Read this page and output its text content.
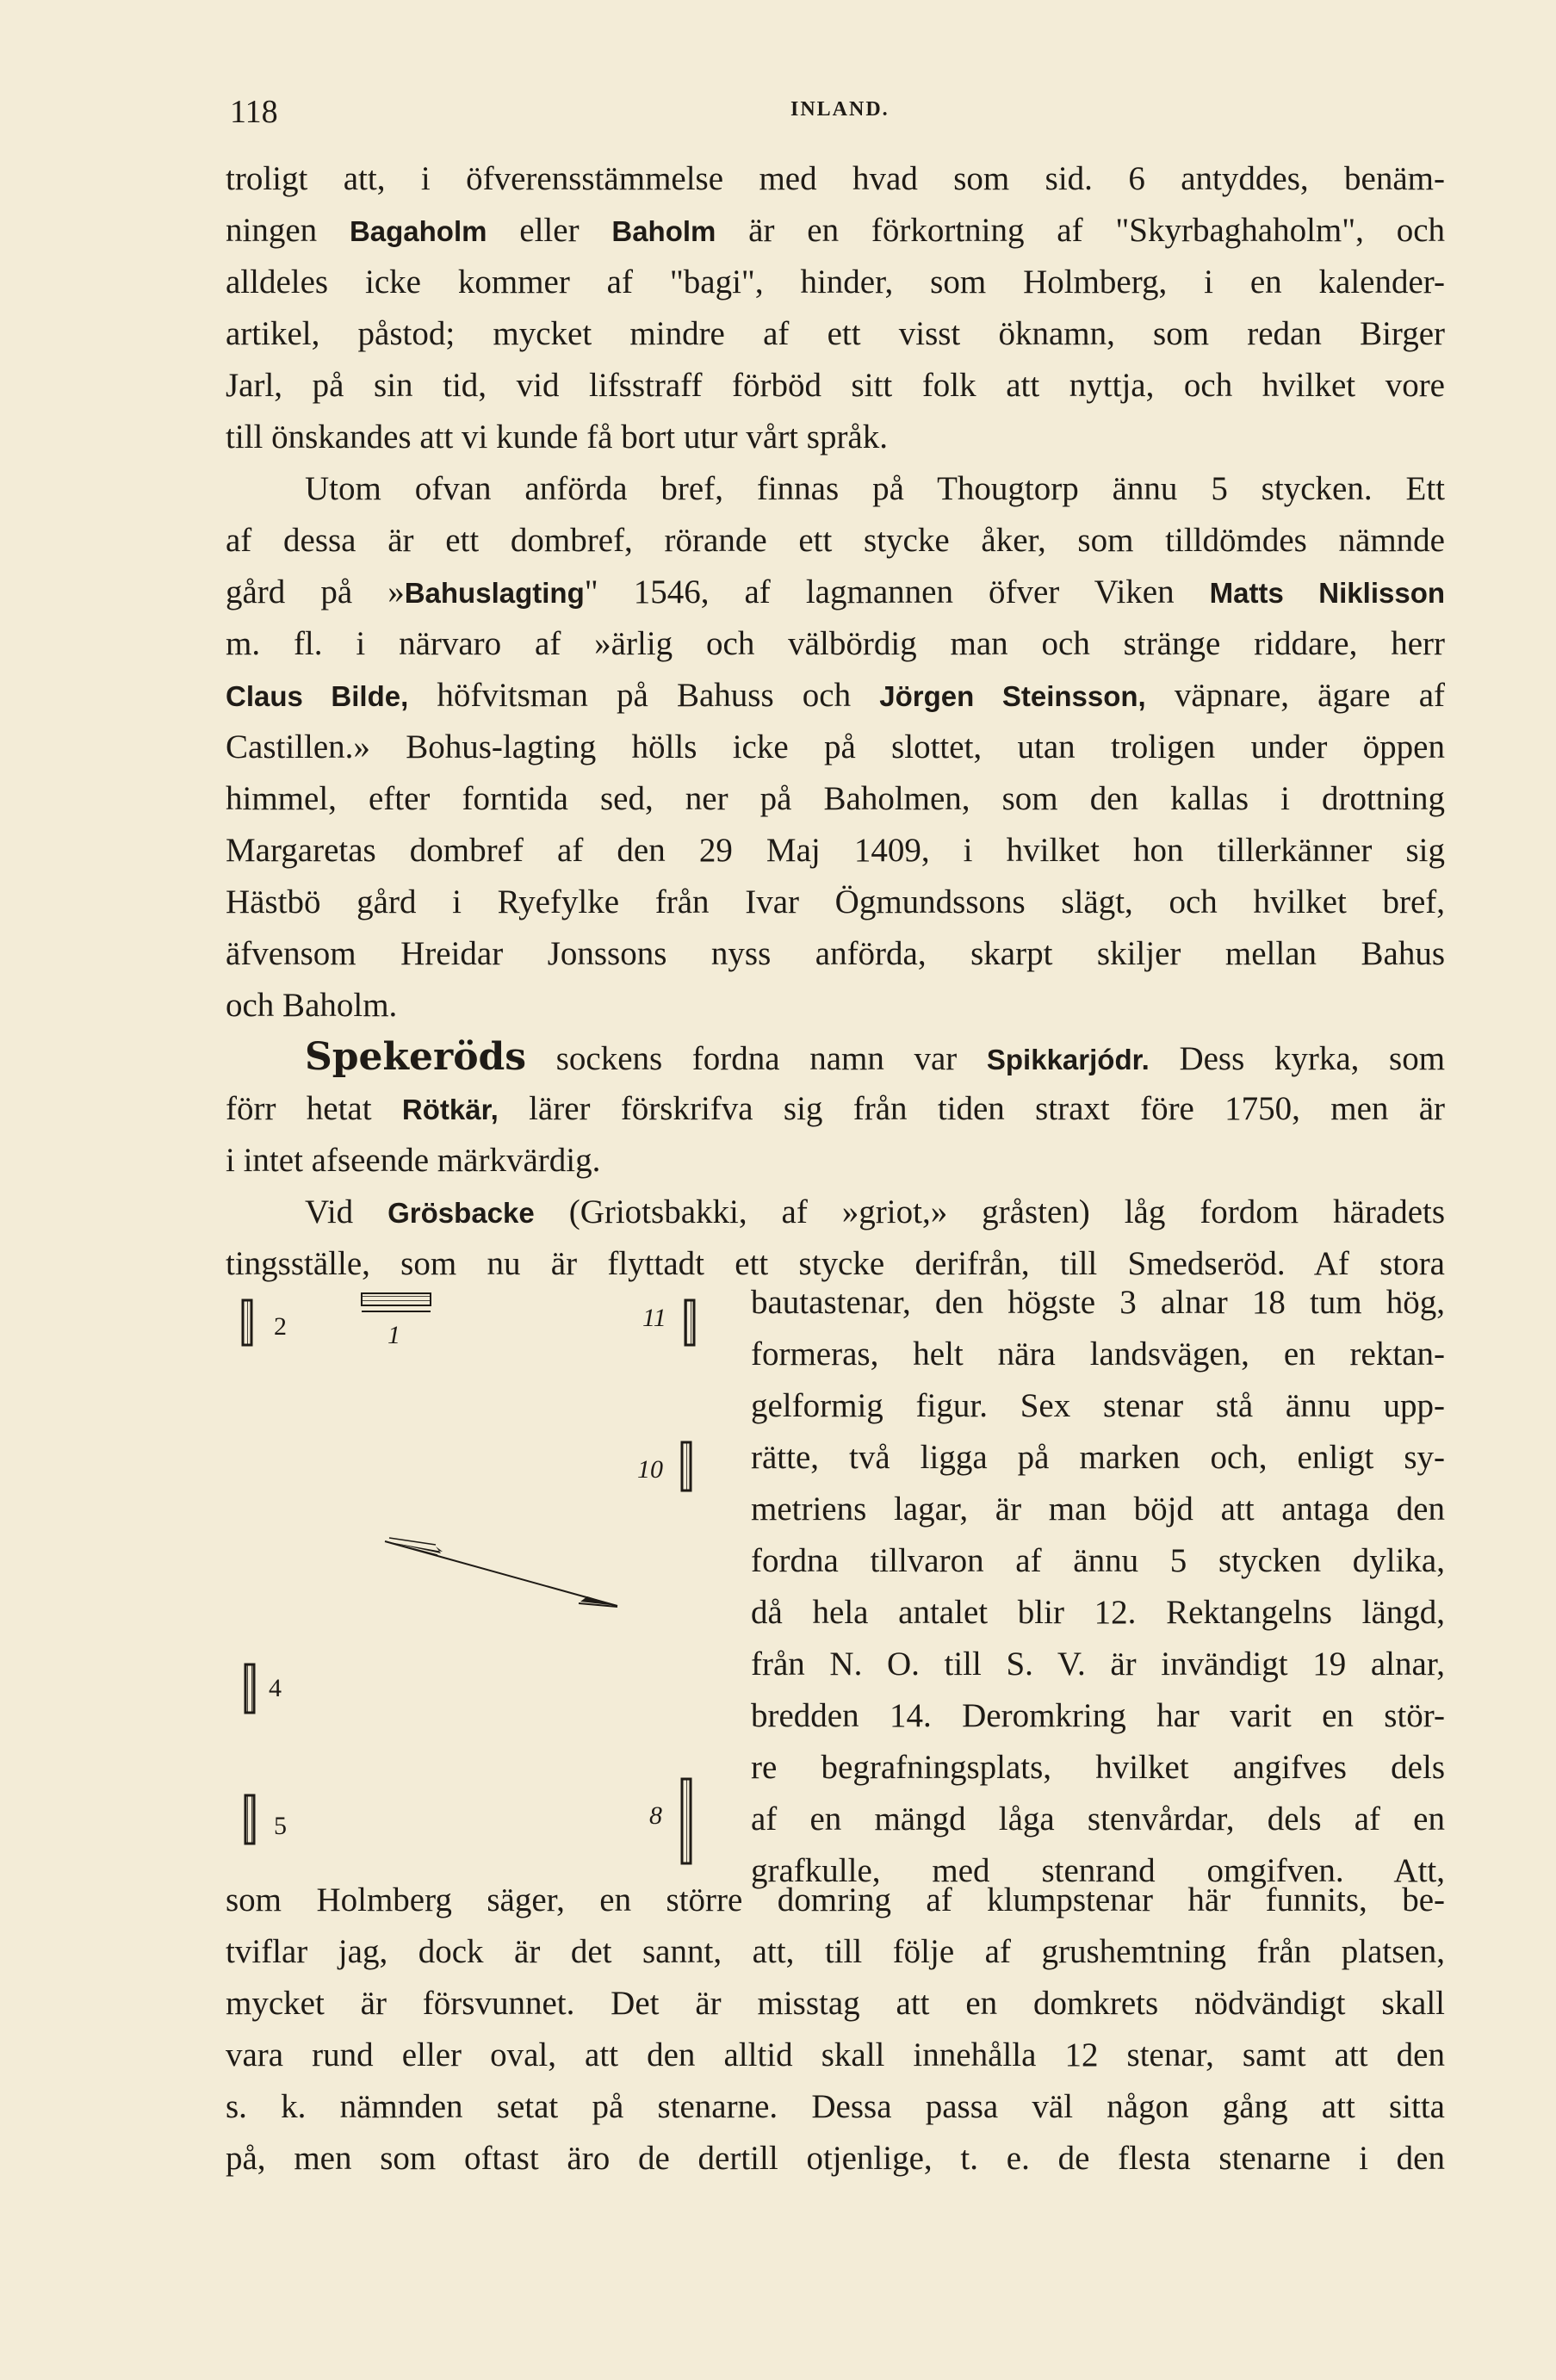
118	INLAND.
troligt att, i öfverensstämmelse med hvad som sid. 6 antyddes, benäm-
ningen Bagaholm eller Baholm är en förkortning af "Skyrbaghaholm", och
alldeles icke kommer af "bagi", hinder, som Holmberg, i en kalender-
artikel, påstod; mycket mindre af ett visst öknamn, som redan Birger
Jarl, på sin tid, vid lifsstraff förböd sitt folk att nyttja, och hvilket vore
till önskandes att vi kunde få bort utur vårt språk.
Utom ofvan anförda bref, finnas på Thougtorp ännu 5 stycken. Ett
af dessa är ett dombref, rörande ett stycke åker, som tilldömdes nämnde
gård på »Bahuslagting" 1546, af lagmannen öfver Viken Matts Niklisson
m. fl. i närvaro af »ärlig och välbördig man och stränge riddare, herr
Claus Bilde, höfvitsman på Bahuss och Jörgen Steinsson, väpnare, ägare af
Castillen.» Bohus-lagting hölls icke på slottet, utan troligen under öppen
himmel, efter forntida sed, ner på Baholmen, som den kallas i drottning
Margaretas dombref af den 29 Maj 1409, i hvilket hon tillerkänner sig
Hästbö gård i Ryefylke från Ivar Ögmundssons slägt, och hvilket bref,
äfvensom Hreidar Jonssons nyss anförda, skarpt skiljer mellan Bahus
och Baholm.
Spekeröds sockens fordna namn var Spikkarjódr. Dess kyrka, som
förr hetat Rötkär, lärer förskrifva sig från tiden straxt före 1750, men är
i intet afseende märkvärdig.
Vid Grösbacke (Griotsbakki, af »griot,» gråsten) låg fordom häradets
tingsställe, som nu är flyttadt ett stycke derifrån, till Smedseröd. Af stora
2	1
11
10
4
5	8
bautastenar, den högste 3 alnar 18 tum hög,
formeras, helt nära landsvägen, en rektan-
gelformig figur. Sex stenar stå ännu upp-
rätte, två ligga på marken och, enligt sy-
metriens lagar, är man böjd att antaga den
fordna tillvaron af ännu 5 stycken dylika,
då hela antalet blir 12. Rektangelns längd,
från N. O. till S. V. är invändigt 19 alnar,
bredden 14. Deromkring har varit en stör-
re begrafningsplats, hvilket angifves dels
af en mängd låga stenvårdar, dels af en
grafkulle, med stenrand omgifven. Att,
som Holmberg säger, en större domring af klumpstenar här funnits, be-
tviflar jag, dock är det sannt, att, till följe af grushemtning från platsen,
mycket är försvunnet. Det är misstag att en domkrets nödvändigt skall
vara rund eller oval, att den alltid skall innehålla 12 stenar, samt att den
s. k. nämnden setat på stenarne. Dessa passa väl någon gång att sitta
på, men som oftast äro de dertill otjenlige, t. e. de flesta stenarne i den
